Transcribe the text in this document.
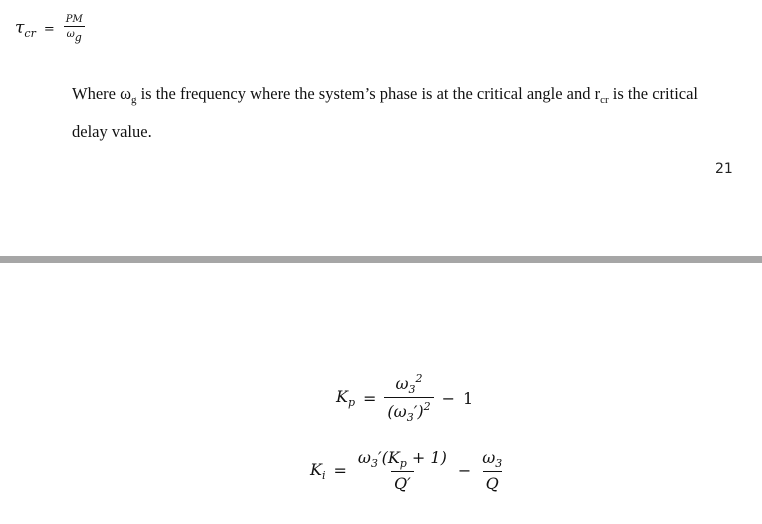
$\tau_{cr} = \frac{PM}{\omega g}$
Where $\omega_g$ is the frequency where the system’s phase is at the critical angle and $r_{cr}$ is the critical delay value.
21
$K_p = \frac{\omega_3^2}{(\omega_3')^2} - 1$
$K_i = \frac{\omega_3'(K_p + 1)}{Q'} - \frac{\omega_3}{Q}$
